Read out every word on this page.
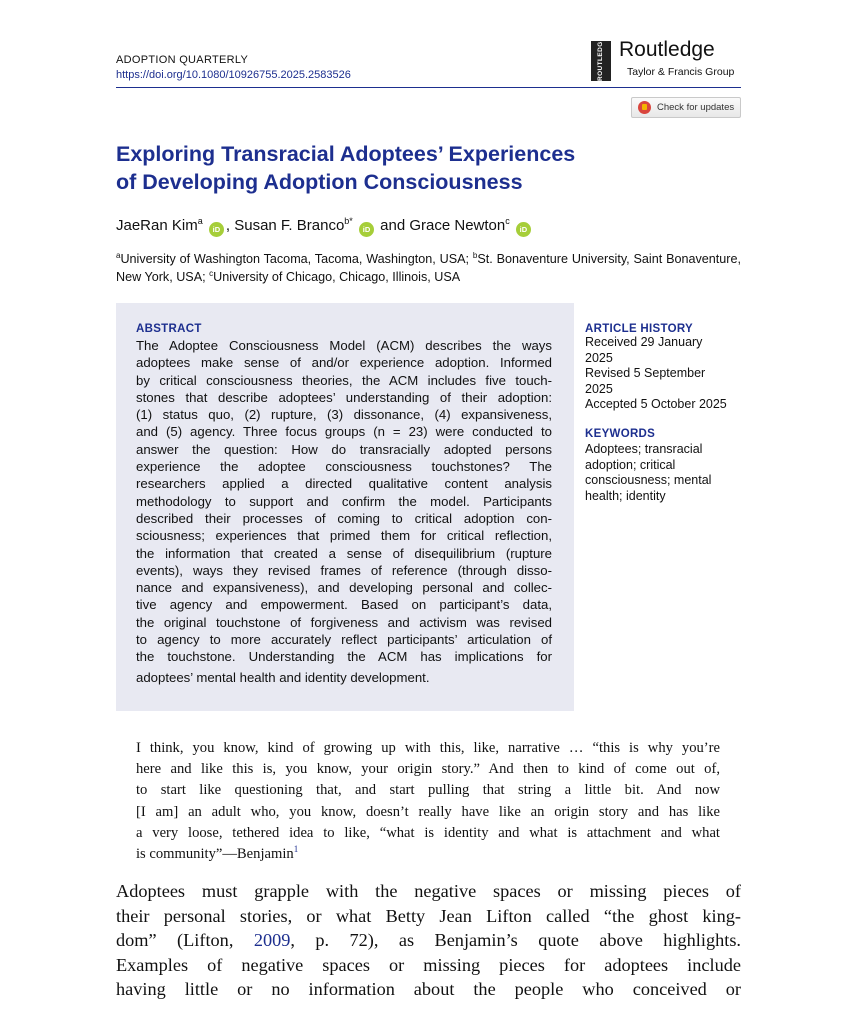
ADOPTION QUARTERLY
https://doi.org/10.1080/10926755.2025.2583526	ROUTLEDGE Routledge
Taylor & Francis Group
Check for updates
Exploring Transracial Adoptees’ Experiences
of Developing Adoption Consciousness
JaeRan Kim$^a$ iD , Susan F. Branco$^{b*}$ iD and Grace Newton$^c$ iD
$^a$University of Washington Tacoma, Tacoma, Washington, USA; $^b$St. Bonaventure University, Saint Bonaventure, New York, USA; $^c$University of Chicago, Chicago, Illinois, USA
ABSTRACT
The Adoptee Consciousness Model (ACM) describes the ways
adoptees make sense of and/or experience adoption. Informed
by critical consciousness theories, the ACM includes five touch-
stones that describe adoptees’ understanding of their adoption:
(1) status quo, (2) rupture, (3) dissonance, (4) expansiveness,
and (5) agency. Three focus groups (n = 23) were conducted to
answer the question: How do transracially adopted persons
experience the adoptee consciousness touchstones? The
researchers applied a directed qualitative content analysis
methodology to support and confirm the model. Participants
described their processes of coming to critical adoption con-
sciousness; experiences that primed them for critical reflection,
the information that created a sense of disequilibrium (rupture
events), ways they revised frames of reference (through disso-
nance and expansiveness), and developing personal and collec-
tive agency and empowerment. Based on participant’s data,
the original touchstone of forgiveness and activism was revised
to agency to more accurately reflect participants’ articulation of
the touchstone. Understanding the ACM has implications for
adoptees’ mental health and identity development.
ARTICLE HISTORY
Received 29 January
2025
Revised 5 September
2025
Accepted 5 October 2025
KEYWORDS
Adoptees; transracial
adoption; critical
consciousness; mental
health; identity
I think, you know, kind of growing up with this, like, narrative … “this is why you’re
here and like this is, you know, your origin story.” And then to kind of come out of,
to start like questioning that, and start pulling that string a little bit. And now
[I am] an adult who, you know, doesn’t really have like an origin story and has like
a very loose, tethered idea to like, “what is identity and what is attachment and what
is community”—Benjamin$^1$
Adoptees must grapple with the negative spaces or missing pieces of
their personal stories, or what Betty Jean Lifton called “the ghost king-
dom” (Lifton, 2009, p. 72), as Benjamin’s quote above highlights.
Examples of negative spaces or missing pieces for adoptees include
having little or no information about the people who conceived or
